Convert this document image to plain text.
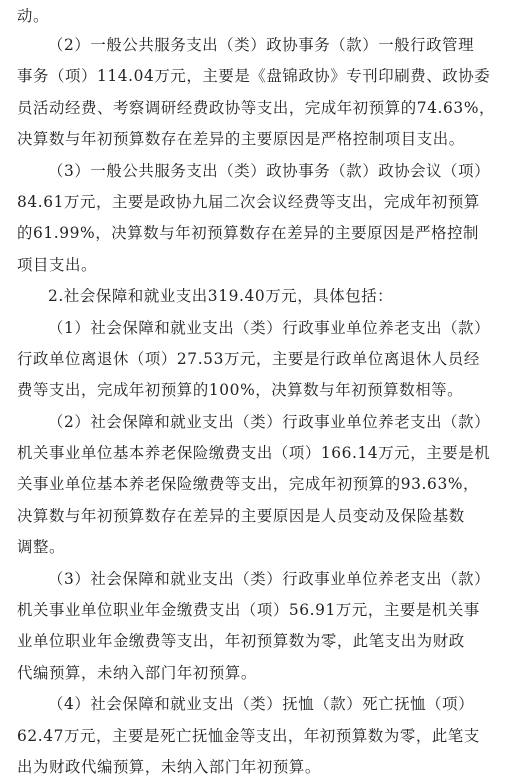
动。
（2）一般公共服务支出（类）政协事务（款）一般行政管理
事务（项）114.04万元，主要是《盘锦政协》专刊印刷费、政协委
员活动经费、考察调研经费政协等支出，完成年初预算的74.63%，
决算数与年初预算数存在差异的主要原因是严格控制项目支出。
（3）一般公共服务支出（类）政协事务（款）政协会议（项）
84.61万元，主要是政协九届二次会议经费等支出，完成年初预算
的61.99%，决算数与年初预算数存在差异的主要原因是严格控制
项目支出。
2.社会保障和就业支出319.40万元，具体包括：
（1）社会保障和就业支出（类）行政事业单位养老支出（款）
行政单位离退休（项）27.53万元，主要是行政单位离退休人员经
费等支出，完成年初预算的100%，决算数与年初预算数相等。
（2）社会保障和就业支出（类）行政事业单位养老支出（款）
机关事业单位基本养老保险缴费支出（项）166.14万元，主要是机
关事业单位基本养老保险缴费等支出，完成年初预算的93.63%，
决算数与年初预算数存在差异的主要原因是人员变动及保险基数
调整。
（3）社会保障和就业支出（类）行政事业单位养老支出（款）
机关事业单位职业年金缴费支出（项）56.91万元，主要是机关事
业单位职业年金缴费等支出，年初预算数为零，此笔支出为财政
代编预算，未纳入部门年初预算。
（4）社会保障和就业支出（类）抚恤（款）死亡抚恤（项）
62.47万元，主要是死亡抚恤金等支出，年初预算数为零，此笔支
出为财政代编预算，未纳入部门年初预算。
